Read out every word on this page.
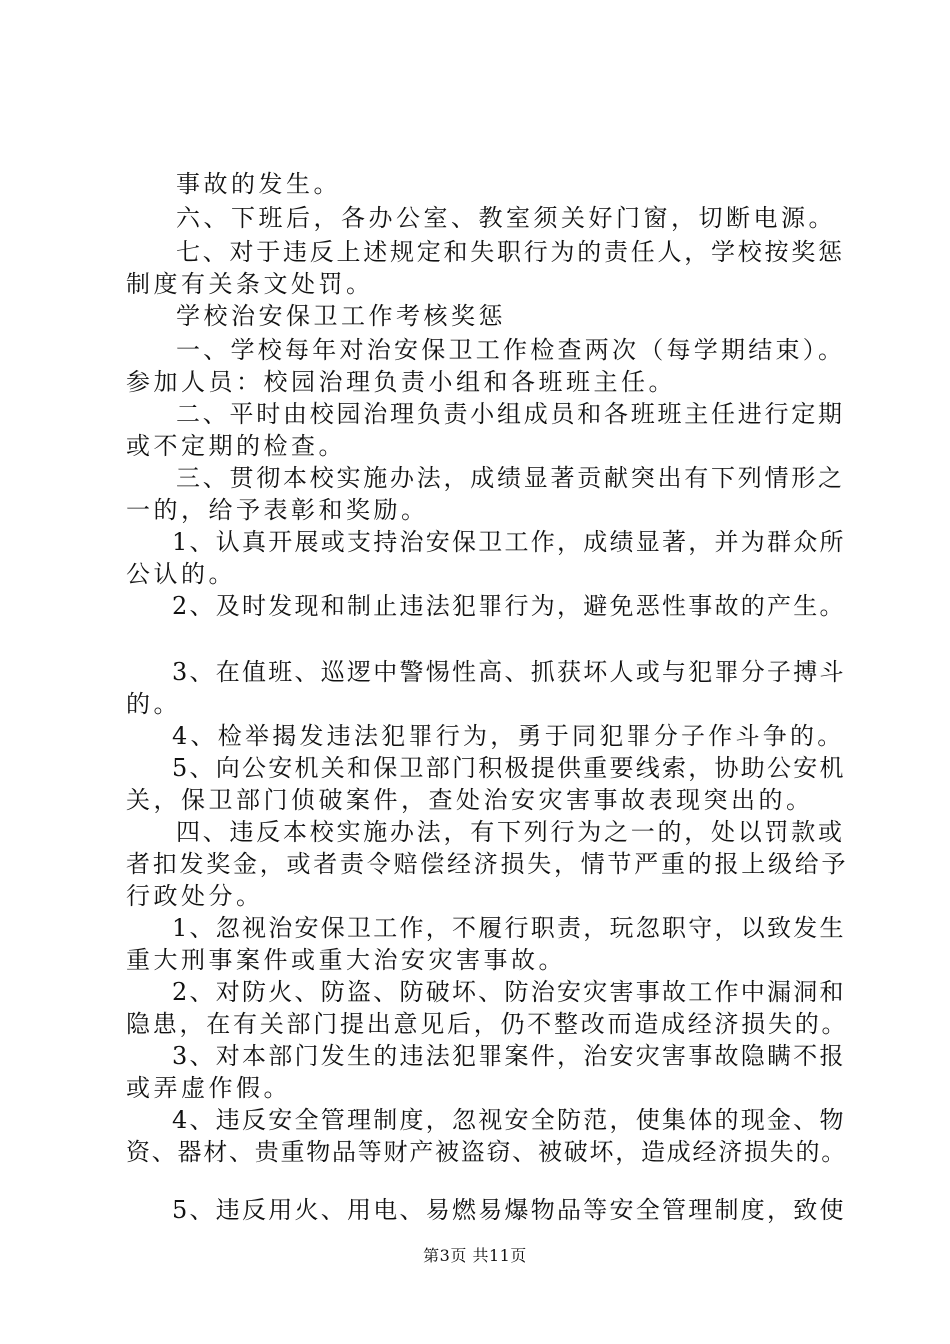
事故的发生。
六、下班后，各办公室、教室须关好门窗，切断电源。
七、对于违反上述规定和失职行为的责任人，学校按奖惩
制度有关条文处罚。
学校治安保卫工作考核奖惩
一、学校每年对治安保卫工作检查两次（每学期结束）。
参加人员：校园治理负责小组和各班班主任。
二、平时由校园治理负责小组成员和各班班主任进行定期
或不定期的检查。
三、贯彻本校实施办法，成绩显著贡献突出有下列情形之
一的，给予表彰和奖励。
1、认真开展或支持治安保卫工作，成绩显著，并为群众所
公认的。
2、及时发现和制止违法犯罪行为，避免恶性事故的产生。
3、在值班、巡逻中警惕性高、抓获坏人或与犯罪分子搏斗
的。
4、检举揭发违法犯罪行为，勇于同犯罪分子作斗争的。
5、向公安机关和保卫部门积极提供重要线索，协助公安机
关，保卫部门侦破案件，查处治安灾害事故表现突出的。
四、违反本校实施办法，有下列行为之一的，处以罚款或
者扣发奖金，或者责令赔偿经济损失，情节严重的报上级给予
行政处分。
1、忽视治安保卫工作，不履行职责，玩忽职守，以致发生
重大刑事案件或重大治安灾害事故。
2、对防火、防盗、防破坏、防治安灾害事故工作中漏洞和
隐患，在有关部门提出意见后，仍不整改而造成经济损失的。
3、对本部门发生的违法犯罪案件，治安灾害事故隐瞒不报
或弄虚作假。
4、违反安全管理制度，忽视安全防范，使集体的现金、物
资、器材、贵重物品等财产被盗窃、被破坏，造成经济损失的。
5、违反用火、用电、易燃易爆物品等安全管理制度，致使
第3页 共11页
